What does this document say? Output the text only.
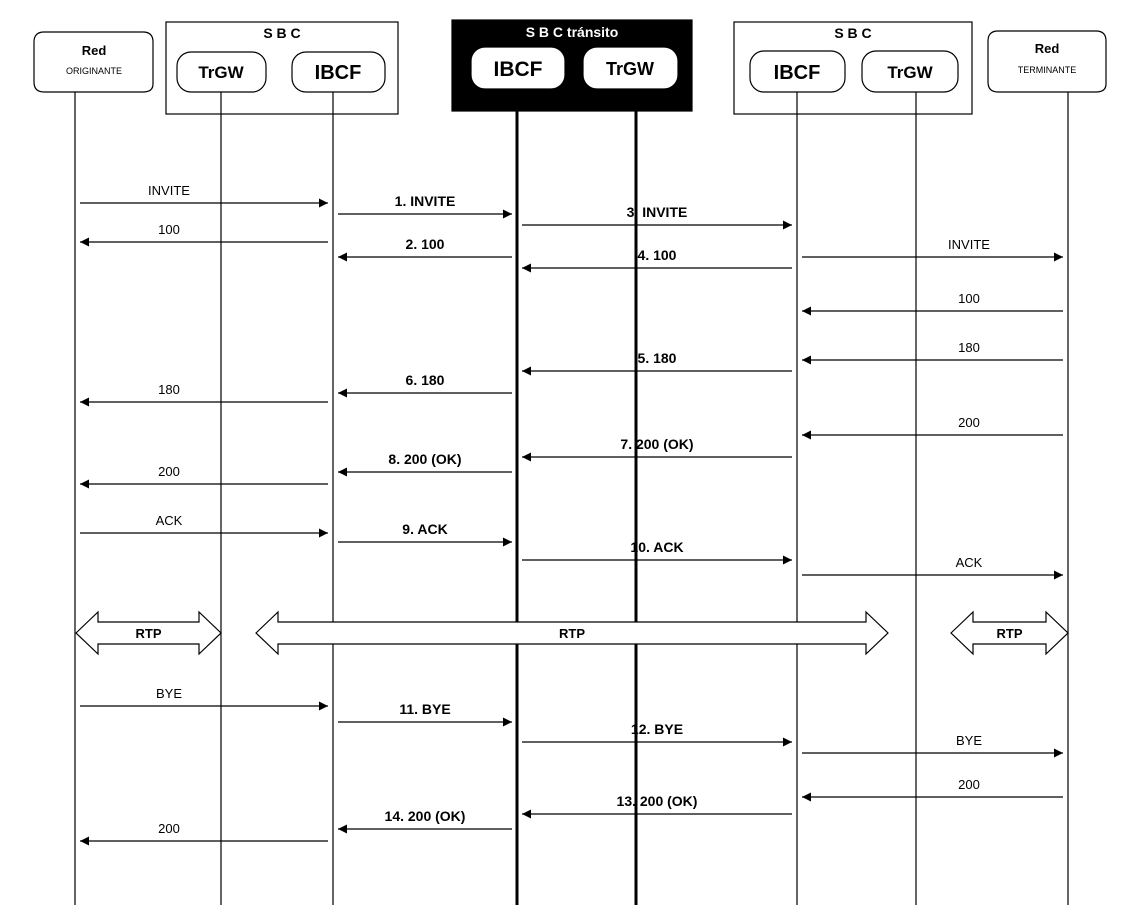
S B C	S B C tránsito	S B C
Red
ORIGINANTE	TrGW	IBCF	IBCF	TrGW	IBCF	TrGW
Red
TERMINANTE
RTP	RTP	RTP
INVITE
1. INVITE
3. INVITE
100
2. 100	INVITE
4. 100
100
180
5. 180
6. 180
180
200
7. 200 (OK)
8. 200 (OK)
200
ACK
9. ACK
10. ACK
ACK
BYE
11. BYE
12. BYE
BYE
200
13. 200 (OK)
14. 200 (OK)
200
